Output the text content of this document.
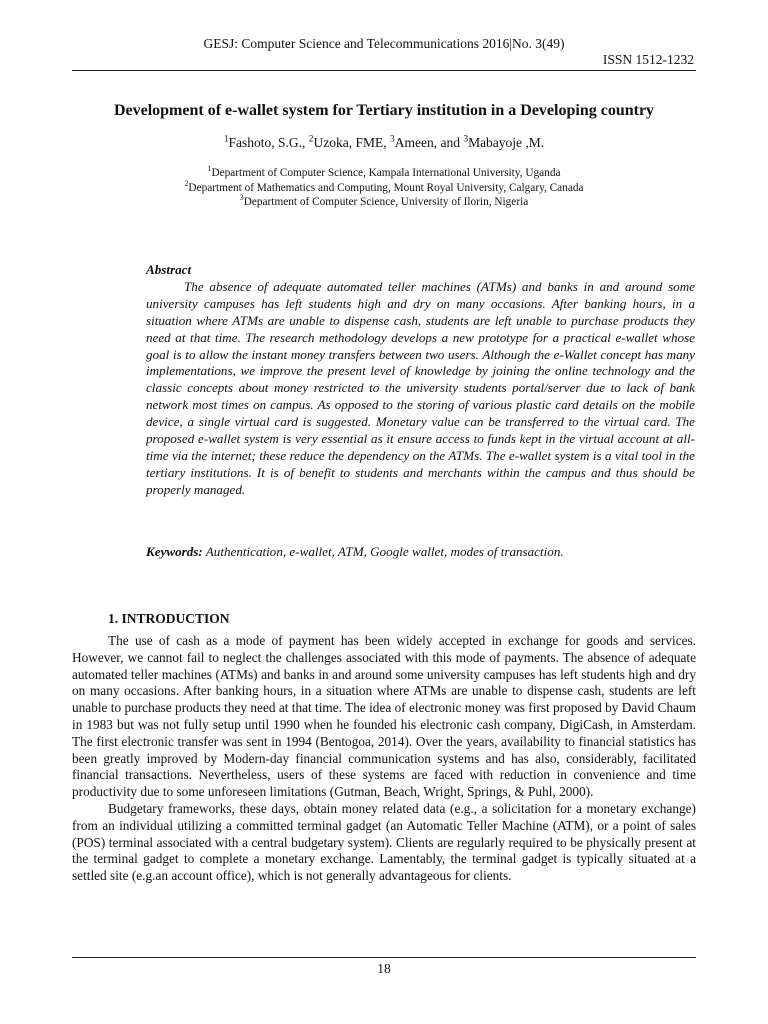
GESJ: Computer Science and Telecommunications 2016|No. 3(49)
ISSN 1512-1232
Development of e-wallet system for Tertiary institution in a Developing country
$^1$Fashoto, S.G., $^2$Uzoka, FME, $^3$Ameen, and $^3$Mabayoje ,M.
$^1$Department of Computer Science, Kampala International University, Uganda
$^2$Department of Mathematics and Computing, Mount Royal University, Calgary, Canada
$^3$Department of Computer Science, University of Ilorin, Nigeria
Abstract
The absence of adequate automated teller machines (ATMs) and banks in and around some university campuses has left students high and dry on many occasions. After banking hours, in a situation where ATMs are unable to dispense cash, students are left unable to purchase products they need at that time. The research methodology develops a new prototype for a practical e-wallet whose goal is to allow the instant money transfers between two users. Although the e-Wallet concept has many implementations, we improve the present level of knowledge by joining the online technology and the classic concepts about money restricted to the university students portal/server due to lack of bank network most times on campus. As opposed to the storing of various plastic card details on the mobile device, a single virtual card is suggested. Monetary value can be transferred to the virtual card. The proposed e-wallet system is very essential as it ensure access to funds kept in the virtual account at all-time via the internet; these reduce the dependency on the ATMs. The e-wallet system is a vital tool in the tertiary institutions. It is of benefit to students and merchants within the campus and thus should be properly managed.
Keywords: Authentication, e-wallet, ATM, Google wallet, modes of transaction.
1. INTRODUCTION

The use of cash as a mode of payment has been widely accepted in exchange for goods and services. However, we cannot fail to neglect the challenges associated with this mode of payments. The absence of adequate automated teller machines (ATMs) and banks in and around some university campuses has left students high and dry on many occasions. After banking hours, in a situation where ATMs are unable to dispense cash, students are left unable to purchase products they need at that time. The idea of electronic money was first proposed by David Chaum in 1983 but was not fully setup until 1990 when he founded his electronic cash company, DigiCash, in Amsterdam. The first electronic transfer was sent in 1994 (Bentogoa, 2014). Over the years, availability to financial statistics has been greatly improved by Modern-day financial communication systems and has also, considerably, facilitated financial transactions. Nevertheless, users of these systems are faced with reduction in convenience and time productivity due to some unforeseen limitations (Gutman, Beach, Wright, Springs, & Puhl, 2000).

Budgetary frameworks, these days, obtain money related data (e.g., a solicitation for a monetary exchange) from an individual utilizing a committed terminal gadget (an Automatic Teller Machine (ATM), or a point of sales (POS) terminal associated with a central budgetary system). Clients are regularly required to be physically present at the terminal gadget to complete a monetary exchange. Lamentably, the terminal gadget is typically situated at a settled site (e.g.an account office), which is not generally advantageous for clients.

18
